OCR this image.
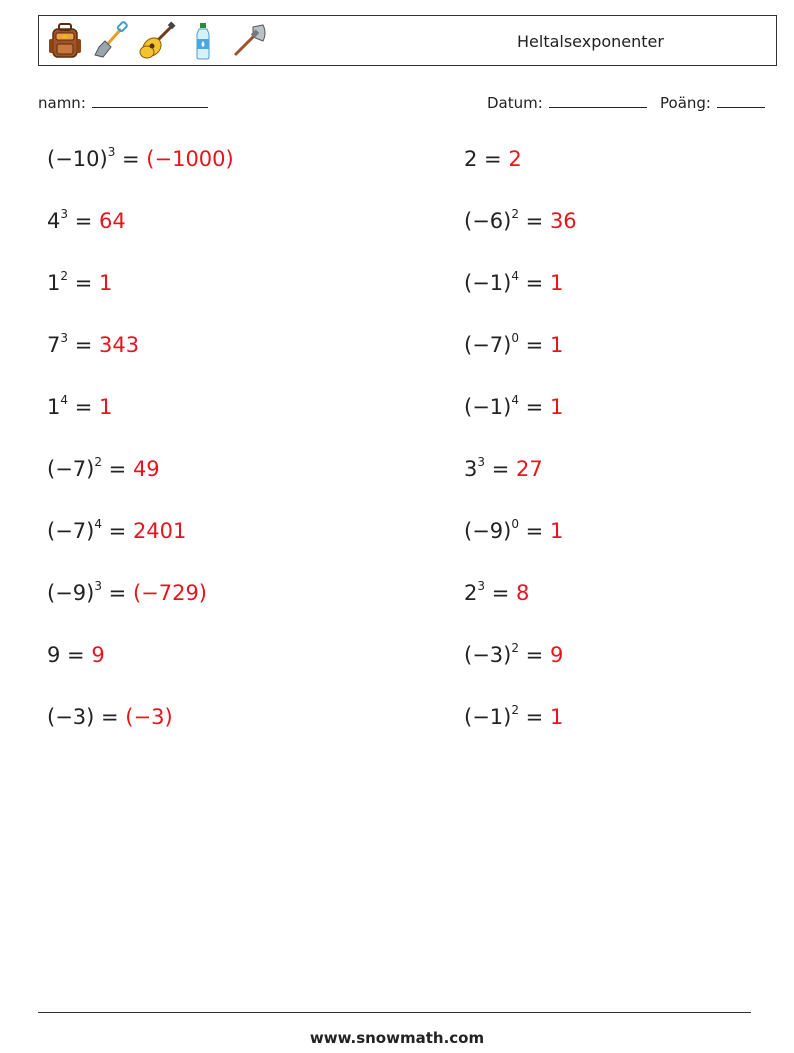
Heltalsexponenter
namn:	Datum:	Poäng:
$(-10)^3 = (-1000)$	2 = 2
$4^3 = 64$	$(-6)^2 = 36$
$1^2 = 1$	$(-1)^4 = 1$
$7^3 = 343$	$(-7)^0 = 1$
$1^4 = 1$	$(-1)^4 = 1$
$(-7)^2 = 49$	$3^3 = 27$
$(-7)^4 = 2401$	$(-9)^0 = 1$
$(-9)^3 = (-729)$	$2^3 = 8$
9 = 9	$(-3)^2 = 9$
(−3) = (−3)	$(-1)^2 = 1$
www.snowmath.com
